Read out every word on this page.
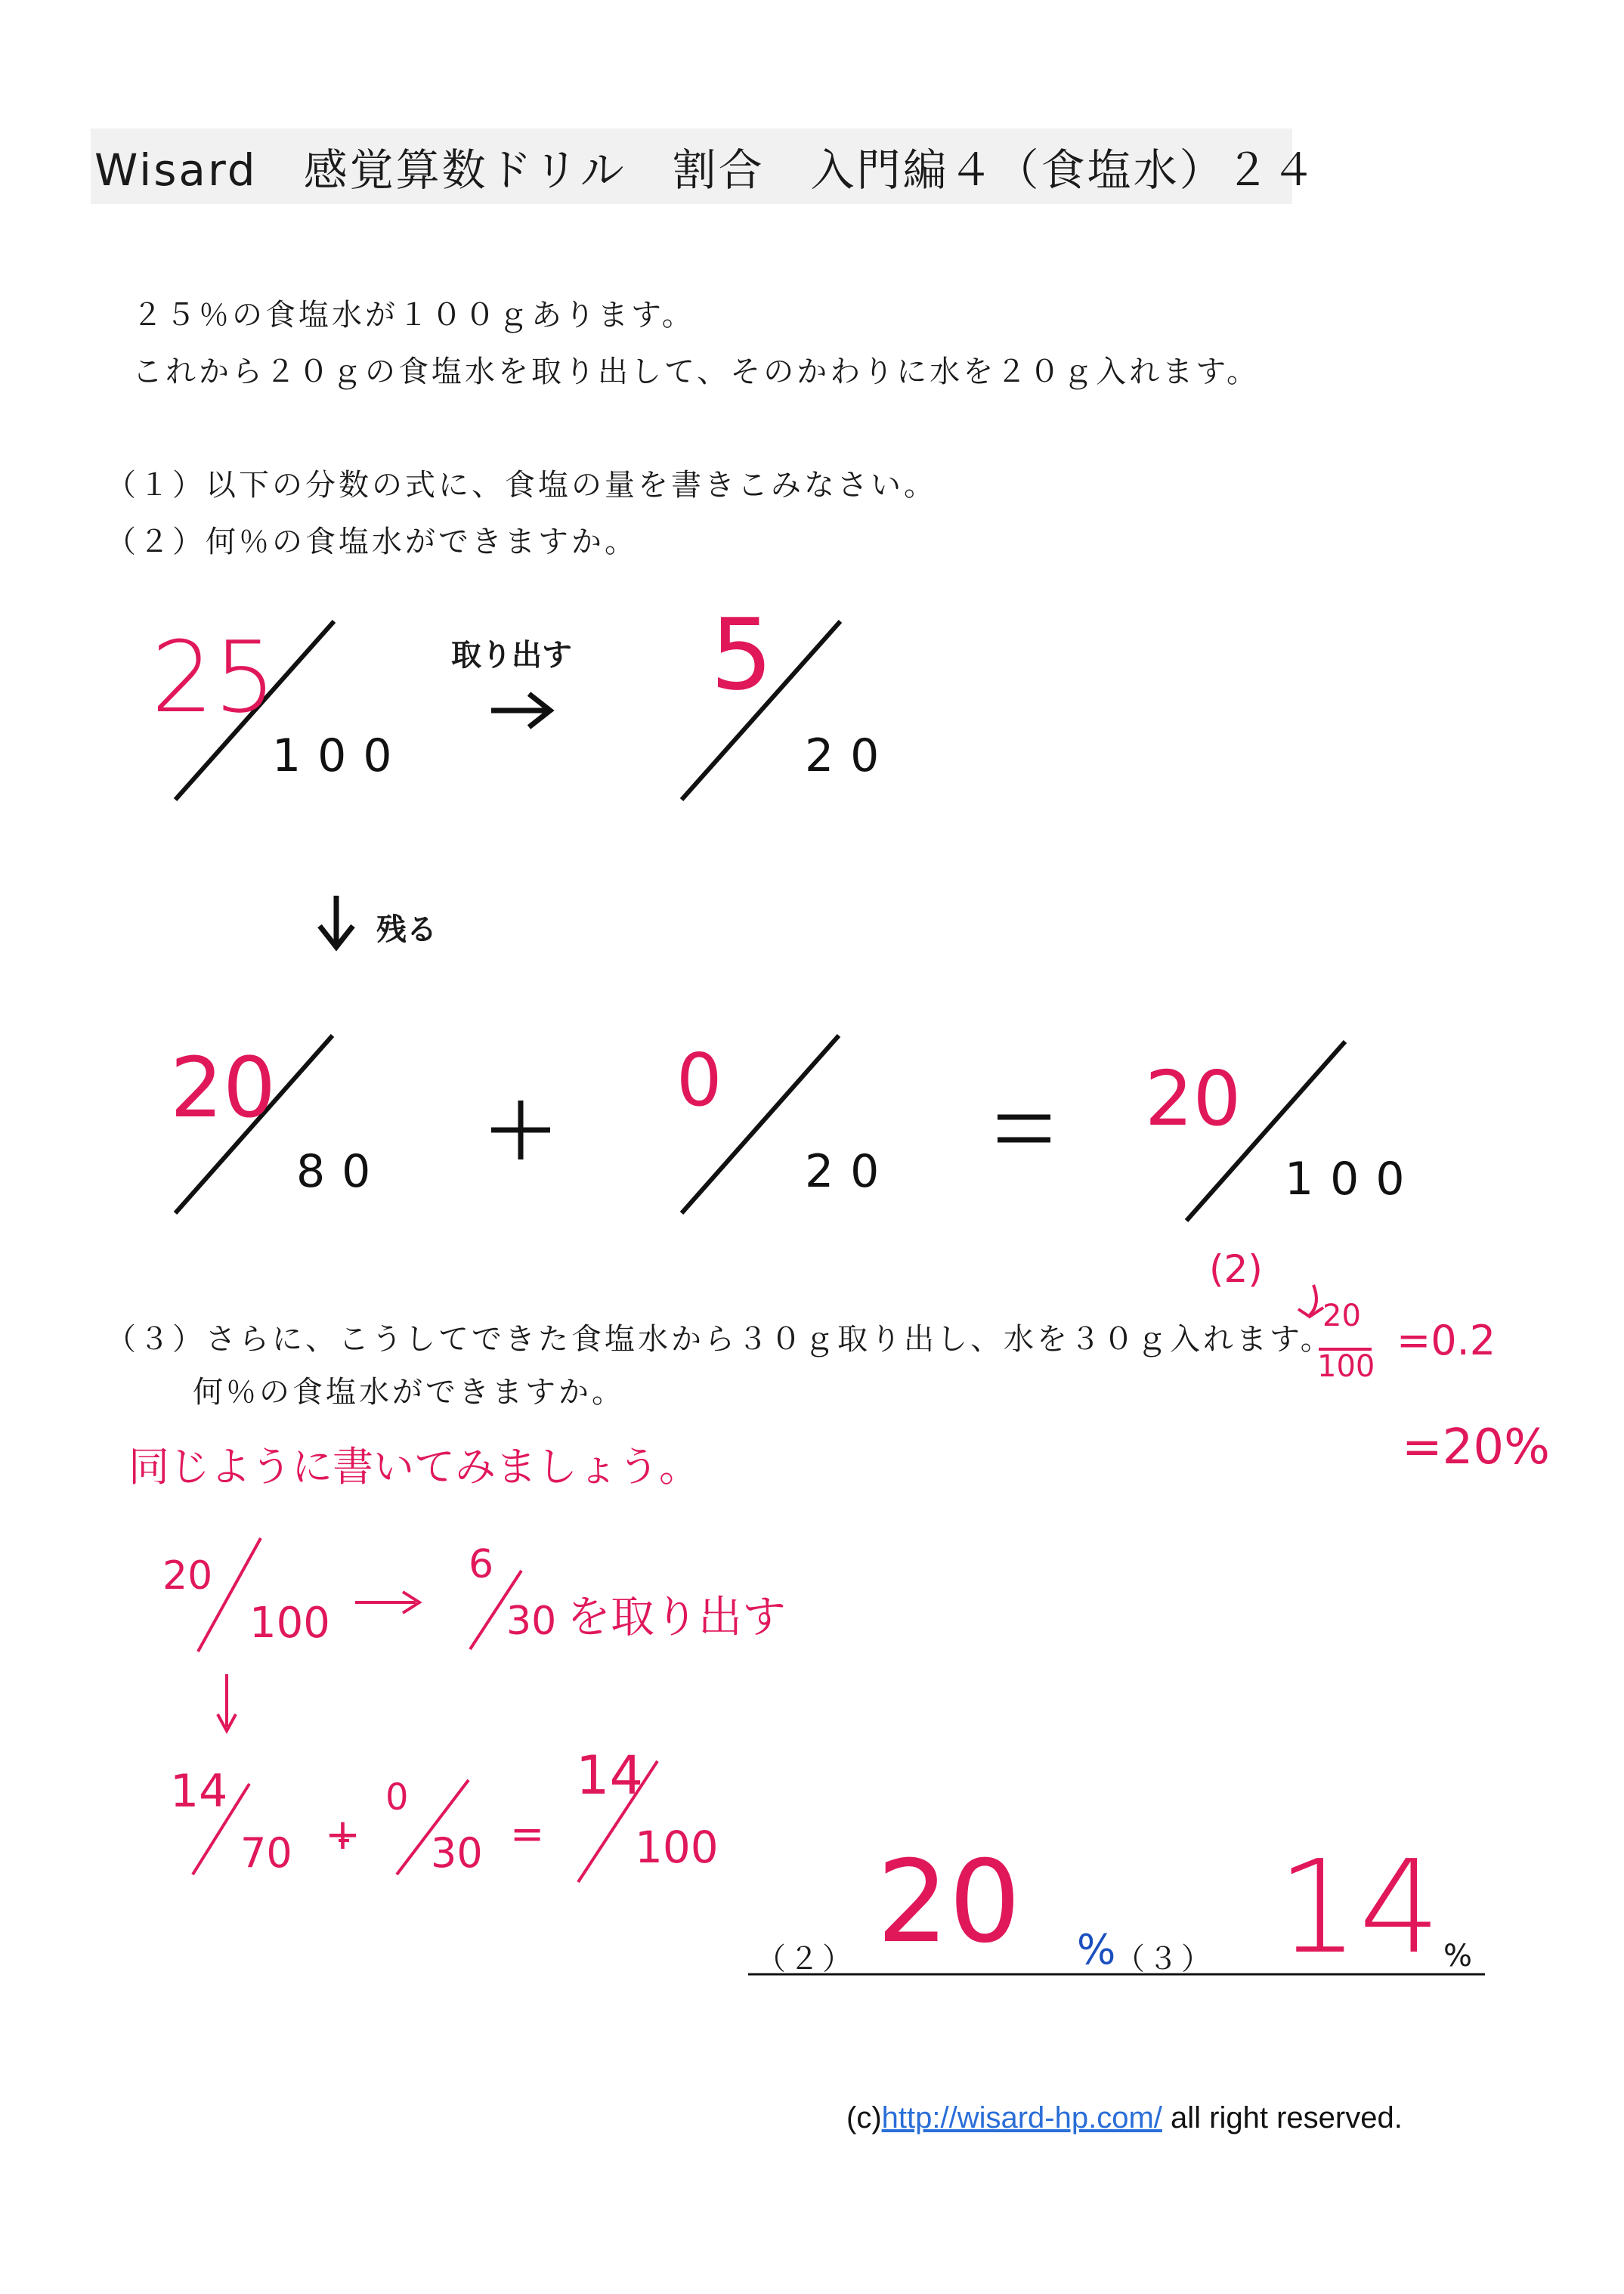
Wisard　感覚算数ドリル　割合　入門編４（食塩水）２４
２５％の食塩水が１００ｇあります。
これから２０ｇの食塩水を取り出して、そのかわりに水を２０ｇ入れます。
（１）以下の分数の式に、食塩の量を書きこみなさい。
（２）何％の食塩水ができますか。
取り出す
残る
25
100
5
20
20
80
0
20
20
100
（３）さらに、こうしてできた食塩水から３０ｇ取り出し、水を３０ｇ入れます。
何％の食塩水ができますか。
(2)
20
100
=0.2
=20%
同じように書いてみましょう。
20
100
6
30 を取り出す
14
70 +
0
30 =
14
100
（２） 20 %
（３） 14 %
(c)http://wisard-hp.com/ all right reserved.
